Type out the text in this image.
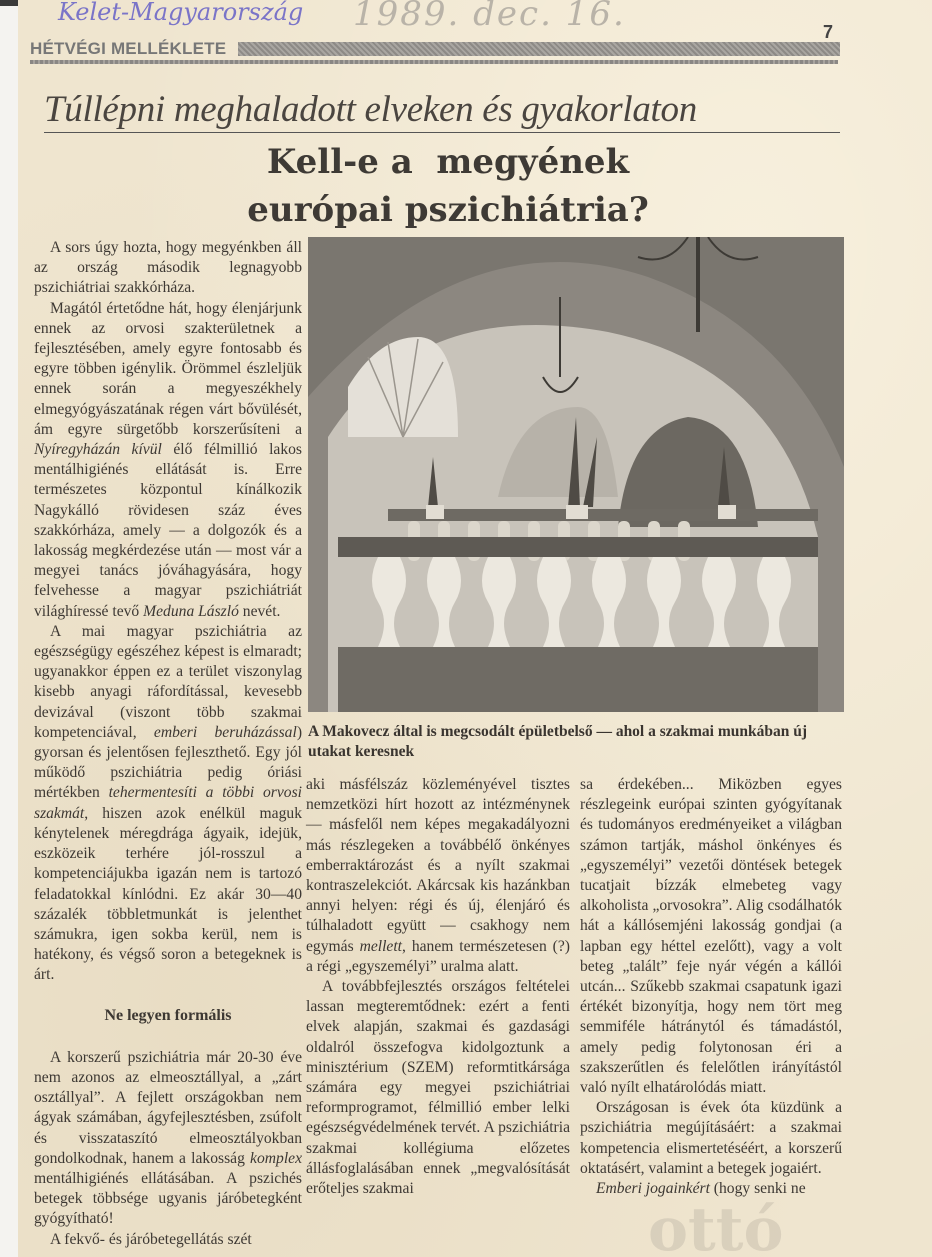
Kelet-Magyarország 1989. dec. 16.	7
HÉTVÉGI MELLÉKLETE
Túllépni meghaladott elveken és gyakorlaton
Kell-e a  megyének
európai pszichiátria?

A sors úgy hozta, hogy megyénkben áll az ország második legnagyobb pszichiátriai szakkórháza.

Magától értetődne hát, hogy élenjárjunk ennek az orvosi szakterületnek a fejlesztésében, amely egyre fontosabb és egyre többen igénylik. Örömmel észleljük ennek során a megyeszékhely elmegyógyászatának régen várt bővülését, ám egyre sürgetőbb korszerűsíteni a Nyíregyházán kívül élő félmillió lakos mentálhigiénés ellátását is. Erre természetes központul kínálkozik Nagykálló rövidesen száz éves szakkórháza, amely — a dolgozók és a lakosság megkérdezése után — most vár a megyei tanács jóváhagyására, hogy felvehesse a magyar pszichiátriát világhíressé tevő Meduna László nevét.

A mai magyar pszichiátria az egészségügy egészéhez képest is elmaradt; ugyanakkor éppen ez a terület viszonylag kisebb anyagi ráfordítással, kevesebb devizával (viszont több szakmai kompetenciával, emberi beruházással) gyorsan és jelentősen fejleszthető. Egy jól működő pszichiátria pedig óriási mértékben tehermentesíti a többi orvosi szakmát, hiszen azok enélkül maguk kénytelenek méregdrága ágyaik, idejük, eszközeik terhére jól-rosszul a kompetenciájukba igazán nem is tartozó feladatokkal kínlódni. Ez akár 30—40 százalék többletmunkát is jelenthet számukra, igen sokba kerül, nem is hatékony, és végső soron a betegeknek is árt.

Ne legyen formális

A korszerű pszichiátria már 20-30 éve nem azonos az elmeosztállyal, a „zárt osztállyal”. A fejlett országokban nem ágyak számában, ágyfejlesztésben, zsúfolt és visszataszító elmeosztályokban gondolkodnak, hanem a lakosság komplex mentálhigiénés ellátásában. A pszichés betegek többsége ugyanis járóbetegként gyógyítható!

A fekvő- és járóbetegellátás szét

A Makovecz által is megcsodált épületbelső — ahol a szakmai munkában új utakat keresnek

aki másfélszáz közleményével tisztes nemzetközi hírt hozott az intézménynek — másfelől nem képes megakadályozni más részlegeken a továbbélő önkényes emberraktározást és a nyílt szakmai kontraszelekciót. Akárcsak kis hazánkban annyi helyen: régi és új, élenjáró és túlhaladott együtt — csakhogy nem egymás mellett, hanem természetesen (?) a régi „egyszemélyi” uralma alatt.

A továbbfejlesztés országos feltételei lassan megteremtődnek: ezért a fenti elvek alapján, szakmai és gazdasági oldalról összefogva kidolgoztunk a minisztérium (SZEM) reformtitkársága számára egy megyei pszichiátriai reformprogramot, félmillió ember lelki egészségvédelmének tervét. A pszichiátria szakmai kollégiuma előzetes állásfoglalásában ennek „megvalósítását erőteljes szakmai

sa érdekében... Miközben egyes részlegeink európai szinten gyógyítanak és tudományos eredményeiket a világban számon tartják, máshol önkényes és „egyszemélyi” vezetői döntések betegek tucatjait bízzák elmebeteg vagy alkoholista „orvosokra”. Alig csodálhatók hát a kállósemjéni lakosság gondjai (a lapban egy héttel ezelőtt), vagy a volt beteg „talált” feje nyár végén a kállói utcán... Szűkebb szakmai csapatunk igazi értékét bizonyítja, hogy nem tört meg semmiféle hátránytól és támadástól, amely pedig folytonosan éri a szakszerűtlen és felelőtlen irányítástól való nyílt elhatárolódás miatt.

Országosan is évek óta küzdünk a pszichiátria megújításáért: a szakmai kompetencia elismertetéséért, a korszerű oktatásért, valamint a betegek jogaiért.

Emberi jogainkért (hogy senki ne

ottó
